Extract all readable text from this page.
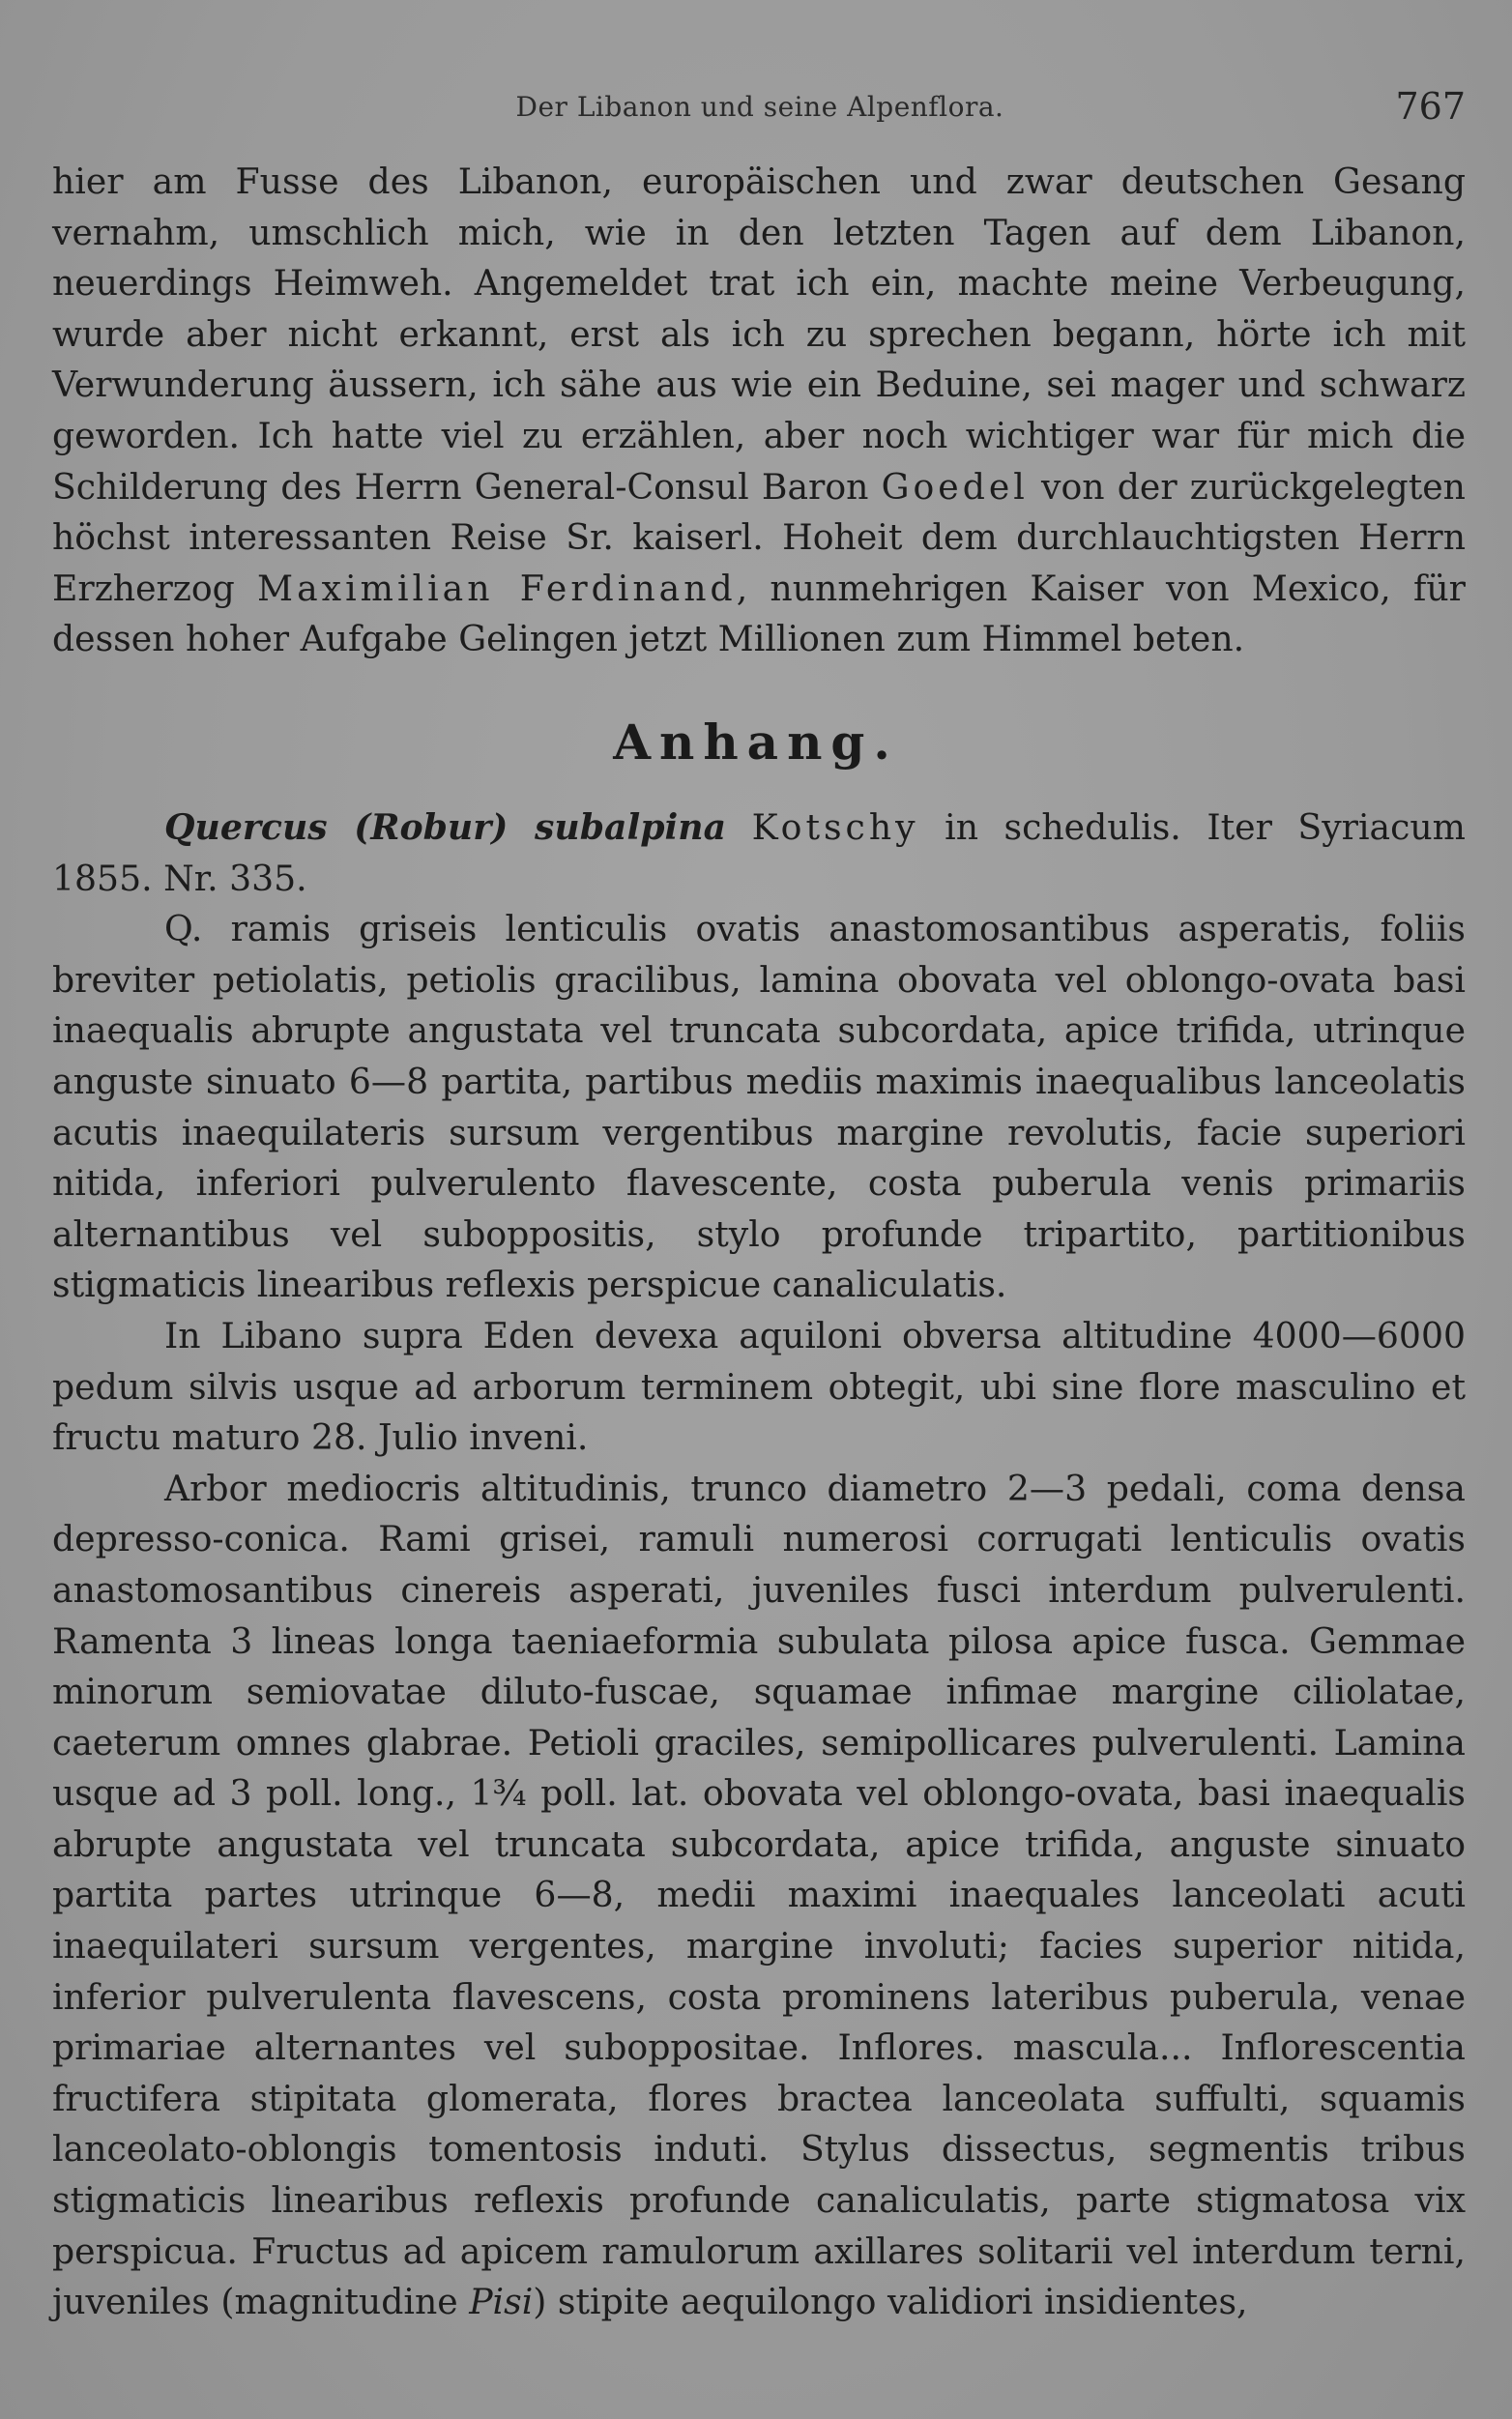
Der Libanon und seine Alpenflora.	767

hier am Fusse des Libanon, europäischen und zwar deutschen Gesang vernahm, umschlich mich, wie in den letzten Tagen auf dem Libanon, neuerdings Heimweh. Angemeldet trat ich ein, machte meine Verbeugung, wurde aber nicht erkannt, erst als ich zu sprechen begann, hörte ich mit Verwunderung äussern, ich sähe aus wie ein Beduine, sei mager und schwarz geworden. Ich hatte viel zu erzählen, aber noch wichtiger war für mich die Schilderung des Herrn General-Consul Baron Goedel von der zurückgelegten höchst interessanten Reise Sr. kaiserl. Hoheit dem durchlauchtigsten Herrn Erzherzog Maximilian Ferdinand, nunmehrigen Kaiser von Mexico, für dessen hoher Aufgabe Gelingen jetzt Millionen zum Himmel beten.

Anhang.

Quercus (Robur) subalpina Kotschy in schedulis. Iter Syriacum 1855. Nr. 335.

Q. ramis griseis lenticulis ovatis anastomosantibus asperatis, foliis breviter petiolatis, petiolis gracilibus, lamina obovata vel oblongo-ovata basi inaequalis abrupte angustata vel truncata subcordata, apice trifida, utrinque anguste sinuato 6—8 partita, partibus mediis maximis inaequalibus lanceolatis acutis inaequilateris sursum vergentibus margine revolutis, facie superiori nitida, inferiori pulverulento flavescente, costa puberula venis primariis alternantibus vel suboppositis, stylo profunde tripartito, partitionibus stigmaticis linearibus reflexis perspicue canaliculatis.

In Libano supra Eden devexa aquiloni obversa altitudine 4000—6000 pedum silvis usque ad arborum terminem obtegit, ubi sine flore masculino et fructu maturo 28. Julio inveni.

Arbor mediocris altitudinis, trunco diametro 2—3 pedali, coma densa depresso-conica. Rami grisei, ramuli numerosi corrugati lenticulis ovatis anastomosantibus cinereis asperati, juveniles fusci interdum pulverulenti. Ramenta 3 lineas longa taeniaeformia subulata pilosa apice fusca. Gemmae minorum semiovatae diluto-fuscae, squamae infimae margine ciliolatae, caeterum omnes glabrae. Petioli graciles, semipollicares pulverulenti. Lamina usque ad 3 poll. long., 1¾ poll. lat. obovata vel oblongo-ovata, basi inaequalis abrupte angustata vel truncata subcordata, apice trifida, anguste sinuato partita partes utrinque 6—8, medii maximi inaequales lanceolati acuti inaequilateri sursum vergentes, margine involuti; facies superior nitida, inferior pulverulenta flavescens, costa prominens lateribus puberula, venae primariae alternantes vel suboppositae. Inflores. mascula... Inflorescentia fructifera stipitata glomerata, flores bractea lanceolata suffulti, squamis lanceolato-oblongis tomentosis induti. Stylus dissectus, segmentis tribus stigmaticis linearibus reflexis profunde canaliculatis, parte stigmatosa vix perspicua. Fructus ad apicem ramulorum axillares solitarii vel interdum terni, juveniles (magnitudine Pisi) stipite aequilongo validiori insidientes,
